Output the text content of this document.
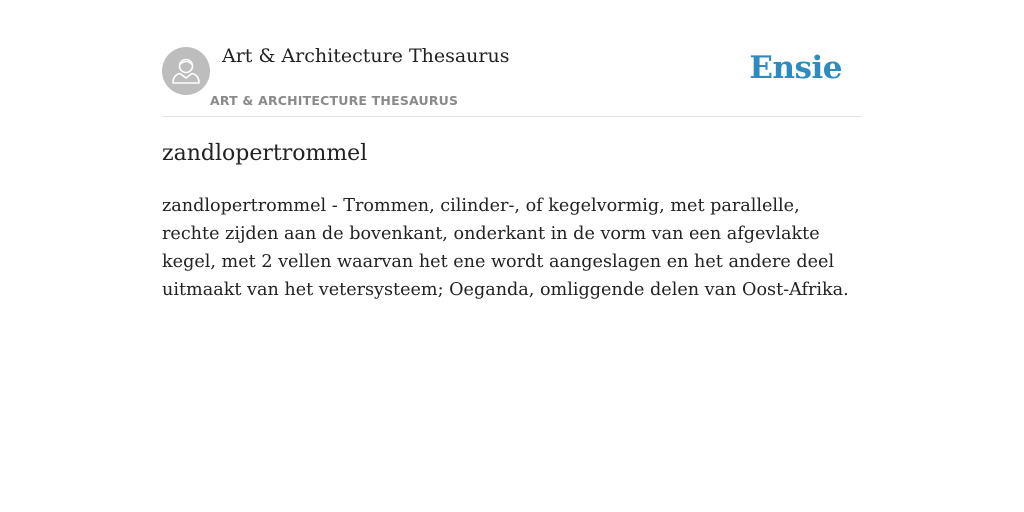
Art & Architecture Thesaurus
ART & ARCHITECTURE THESAURUS
Ensie
zandlopertrommel

zandlopertrommel - Trommen, cilinder-, of kegelvormig, met parallelle, rechte zijden aan de bovenkant, onderkant in de vorm van een afgevlakte kegel, met 2 vellen waarvan het ene wordt aangeslagen en het andere deel uitmaakt van het vetersysteem; Oeganda, omliggende delen van Oost-Afrika.
